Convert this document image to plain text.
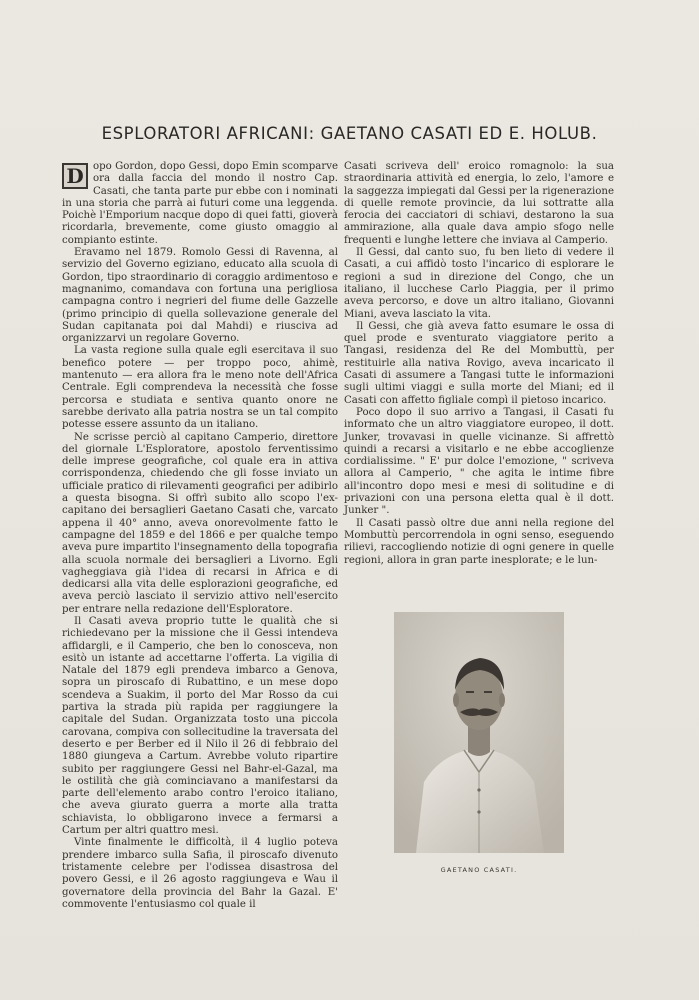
ESPLORATORI AFRICANI: GAETANO CASATI ED E. HOLUB.

D opo Gordon, dopo Gessi, dopo Emin scomparve ora dalla faccia del mondo il nostro Cap. Casati, che tanta parte pur ebbe con i nominati in una storia che parrà ai futuri come una leggenda. Poichè l'Emporium nacque dopo di quei fatti, gioverà ricordarla, brevemente, come giusto omaggio al compianto estinte.

Eravamo nel 1879. Romolo Gessi di Ravenna, al servizio del Governo egiziano, educato alla scuola di Gordon, tipo straordinario di coraggio ardimentoso e magnanimo, comandava con fortuna una perigliosa campagna contro i negrieri del fiume delle Gazzelle (primo principio di quella sollevazione generale del Sudan capitanata poi dal Mahdi) e riusciva ad organizzarvi un regolare Governo.

La vasta regione sulla quale egli esercitava il suo benefico potere — per troppo poco, ahimè, mantenuto — era allora fra le meno note dell'Africa Centrale. Egli comprendeva la necessità che fosse percorsa e studiata e sentiva quanto onore ne sarebbe derivato alla patria nostra se un tal compito potesse essere assunto da un italiano.

Ne scrisse perciò al capitano Camperio, direttore del giornale L'Esploratore, apostolo ferventissimo delle imprese geografiche, col quale era in attiva corrispondenza, chiedendo che gli fosse inviato un ufficiale pratico di rilevamenti geografici per adibirlo a questa bisogna. Si offrì subito allo scopo l'ex-capitano dei bersaglieri Gaetano Casati che, varcato appena il 40° anno, aveva onorevolmente fatto le campagne del 1859 e del 1866 e per qualche tempo aveva pure impartito l'insegnamento della topografia alla scuola normale dei bersaglieri a Livorno. Egli vagheggiava già l'idea di recarsi in Africa e di dedicarsi alla vita delle esplorazioni geografiche, ed aveva perciò lasciato il servizio attivo nell'esercito per entrare nella redazione dell'Esploratore.

Il Casati aveva proprio tutte le qualità che si richiedevano per la missione che il Gessi intendeva affidargli, e il Camperio, che ben lo conosceva, non esitò un istante ad accettarne l'offerta. La vigilia di Natale del 1879 egli prendeva imbarco a Genova, sopra un piroscafo di Rubattino, e un mese dopo scendeva a Suakim, il porto del Mar Rosso da cui partiva la strada più rapida per raggiungere la capitale del Sudan. Organizzata tosto una piccola carovana, compiva con sollecitudine la traversata del deserto e per Berber ed il Nilo il 26 di febbraio del 1880 giungeva a Cartum. Avrebbe voluto ripartire subito per raggiungere Gessi nel Bahr-el-Gazal, ma le ostilità che già cominciavano a manifestarsi da parte dell'elemento arabo contro l'eroico italiano, che aveva giurato guerra a morte alla tratta schiavista, lo obbligarono invece a fermarsi a Cartum per altri quattro mesi.

Vinte finalmente le difficoltà, il 4 luglio poteva prendere imbarco sulla Safia, il piroscafo divenuto tristamente celebre per l'odissea disastrosa del povero Gessi, e il 26 agosto raggiungeva e Wau il governatore della provincia del Bahr la Gazal. E' commovente l'entusiasmo col quale il

Casati scriveva dell' eroico romagnolo: la sua straordinaria attività ed energia, lo zelo, l'amore e la saggezza impiegati dal Gessi per la rigenerazione di quelle remote provincie, da lui sottratte alla ferocia dei cacciatori di schiavi, destarono la sua ammirazione, alla quale dava ampio sfogo nelle frequenti e lunghe lettere che inviava al Camperio.

Il Gessi, dal canto suo, fu ben lieto di vedere il Casati, a cui affidò tosto l'incarico di esplorare le regioni a sud in direzione del Congo, che un italiano, il lucchese Carlo Piaggia, per il primo aveva percorso, e dove un altro italiano, Giovanni Miani, aveva lasciato la vita.

Il Gessi, che già aveva fatto esumare le ossa di quel prode e sventurato viaggiatore perito a Tangasi, residenza del Re del Mombuttù, per restituirle alla nativa Rovigo, aveva incaricato il Casati di assumere a Tangasi tutte le informazioni sugli ultimi viaggi e sulla morte del Miani; ed il Casati con affetto figliale compì il pietoso incarico.

Poco dopo il suo arrivo a Tangasi, il Casati fu informato che un altro viaggiatore europeo, il dott. Junker, trovavasi in quelle vicinanze. Si affrettò quindi a recarsi a visitarlo e ne ebbe accoglienze cordialissime. " E' pur dolce l'emozione, " scriveva allora al Camperio, " che agita le intime fibre all'incontro dopo mesi e mesi di solitudine e di privazioni con una persona eletta qual è il dott. Junker ".

Il Casati passò oltre due anni nella regione del Mombuttù percorrendola in ogni senso, eseguendo rilievi, raccogliendo notizie di ogni genere in quelle regioni, allora in gran parte inesplorate; e le lun-

GAETANO CASATI.
